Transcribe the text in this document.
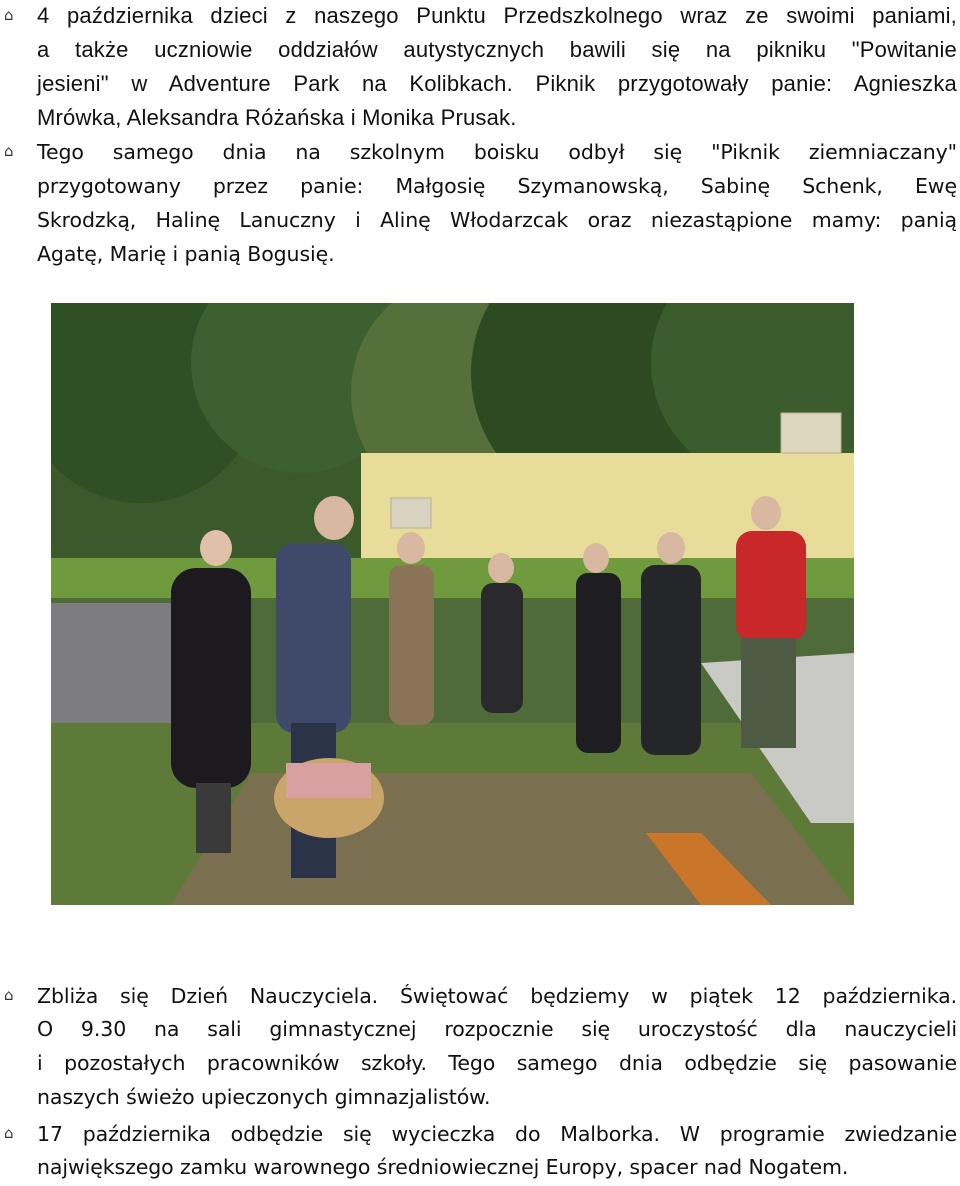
⌂ 4 października dzieci z naszego Punktu Przedszkolnego wraz ze swoimi paniami,
a także uczniowie oddziałów autystycznych bawili się na pikniku "Powitanie
jesieni" w Adventure Park na Kolibkach. Piknik przygotowały panie: Agnieszka
Mrówka, Aleksandra Różańska i Monika Prusak.
⌂ Tego samego dnia na szkolnym boisku odbył się "Piknik ziemniaczany"
przygotowany przez panie: Małgosię Szymanowską, Sabinę Schenk, Ewę
Skrodzką, Halinę Lanuczny i Alinę Włodarzcak oraz niezastąpione mamy: panią
Agatę, Marię i panią Bogusię.
⌂ Zbliża się Dzień Nauczyciela. Świętować będziemy w piątek 12 października.
O 9.30 na sali gimnastycznej rozpocznie się uroczystość dla nauczycieli
i pozostałych pracowników szkoły. Tego samego dnia odbędzie się pasowanie
naszych świeżo upieczonych gimnazjalistów.
⌂ 17 października odbędzie się wycieczka do Malborka. W programie zwiedzanie
największego zamku warownego średniowiecznej Europy, spacer nad Nogatem.
